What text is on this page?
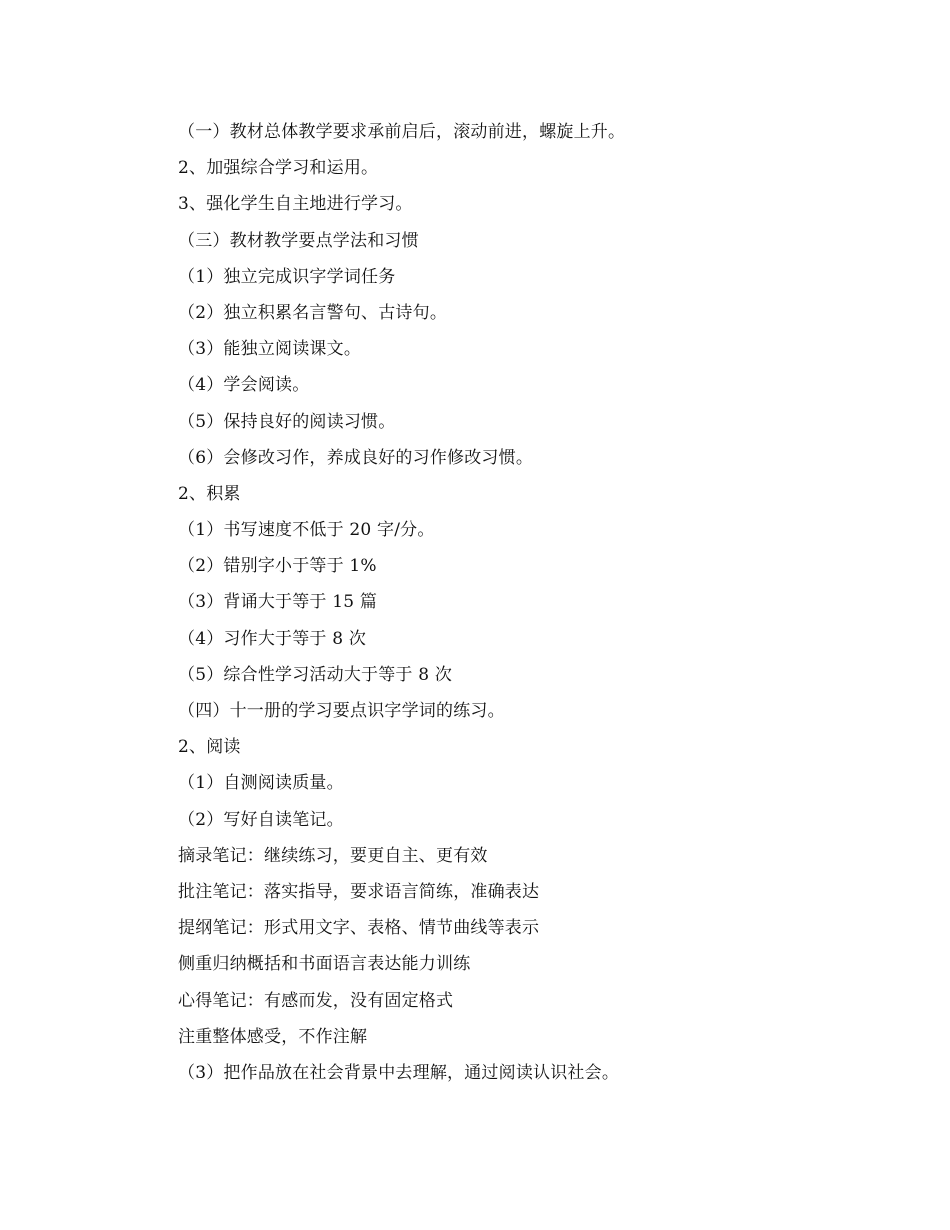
（一）教材总体教学要求承前启后，滚动前进，螺旋上升。
2、加强综合学习和运用。
3、强化学生自主地进行学习。
（三）教材教学要点学法和习惯
（1）独立完成识字学词任务
（2）独立积累名言警句、古诗句。
（3）能独立阅读课文。
（4）学会阅读。
（5）保持良好的阅读习惯。
（6）会修改习作，养成良好的习作修改习惯。
2、积累
（1）书写速度不低于 20 字/分。
（2）错别字小于等于 1%
（3）背诵大于等于 15 篇
（4）习作大于等于 8 次
（5）综合性学习活动大于等于 8 次
（四）十一册的学习要点识字学词的练习。
2、阅读
（1）自测阅读质量。
（2）写好自读笔记。
摘录笔记：继续练习，要更自主、更有效
批注笔记：落实指导，要求语言简练，准确表达
提纲笔记：形式用文字、表格、情节曲线等表示
侧重归纳概括和书面语言表达能力训练
心得笔记：有感而发，没有固定格式
注重整体感受，不作注解
（3）把作品放在社会背景中去理解，通过阅读认识社会。
